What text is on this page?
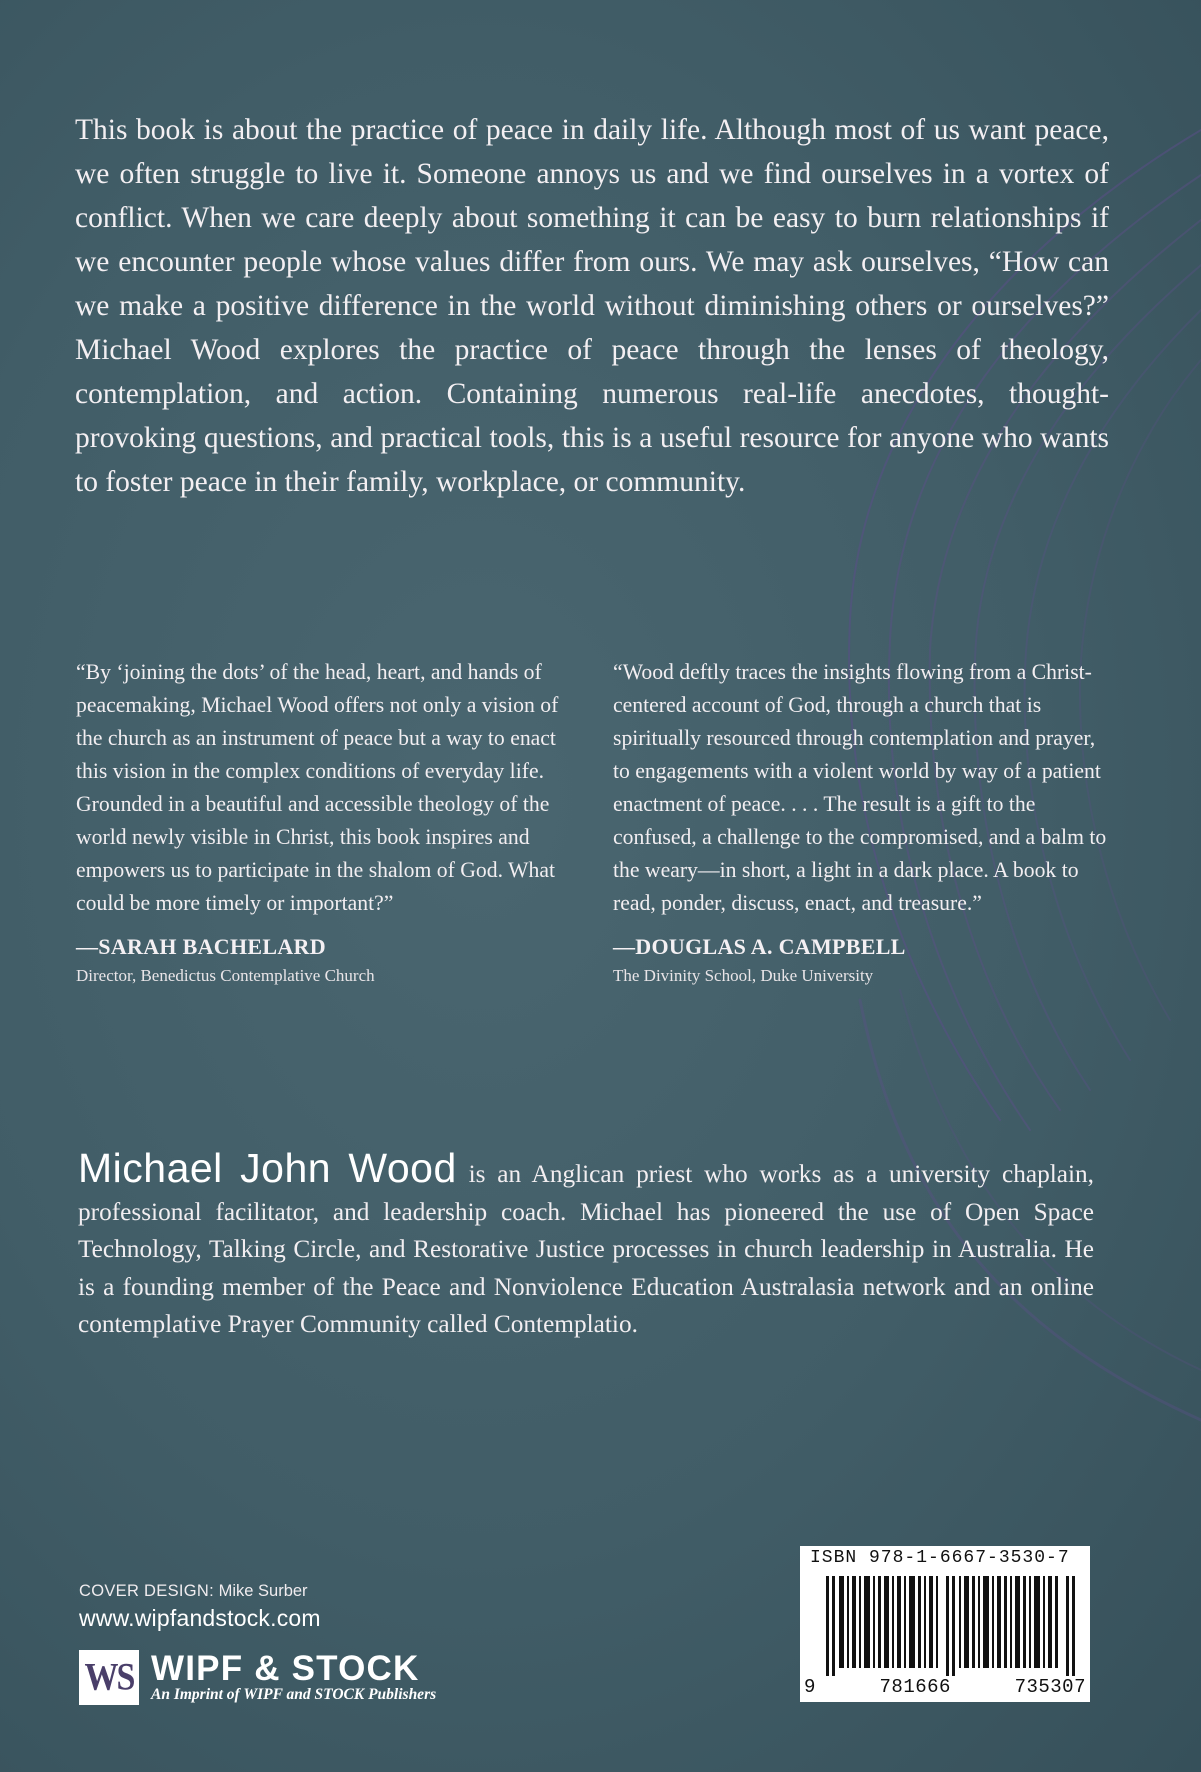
This book is about the practice of peace in daily life. Although most of us want peace, we often struggle to live it. Someone annoys us and we find ourselves in a vortex of conflict. When we care deeply about something it can be easy to burn relationships if we encounter people whose values differ from ours. We may ask ourselves, “How can we make a positive difference in the world without diminishing others or ourselves?” Michael Wood explores the practice of peace through the lenses of theology, contemplation, and action. Containing numerous real-life anecdotes, thought-provoking questions, and practical tools, this is a useful resource for anyone who wants to foster peace in their family, workplace, or community.

“By ‘joining the dots’ of the head, heart, and hands of peacemaking, Michael Wood offers not only a vision of the church as an instrument of peace but a way to enact this vision in the complex conditions of everyday life. Grounded in a beautiful and accessible theology of the world newly visible in Christ, this book inspires and empowers us to participate in the shalom of God. What could be more timely or important?”

—SARAH BACHELARD

Director, Benedictus Contemplative Church

“Wood deftly traces the insights flowing from a Christ-centered account of God, through a church that is spiritually resourced through contemplation and prayer, to engagements with a violent world by way of a patient enactment of peace. . . . The result is a gift to the confused, a challenge to the compromised, and a balm to the weary—in short, a light in a dark place. A book to read, ponder, discuss, enact, and treasure.”

—DOUGLAS A. CAMPBELL

The Divinity School, Duke University

Michael John Wood is an Anglican priest who works as a university chaplain, professional facilitator, and leadership coach. Michael has pioneered the use of Open Space Technology, Talking Circle, and Restorative Justice processes in church leadership in Australia. He is a founding member of the Peace and Nonviolence Education Australasia network and an online contemplative Prayer Community called Contemplatio.

COVER DESIGN: Mike Surber
www.wipfandstock.com
WS WIPF & STOCK
An Imprint of WIPF and STOCK Publishers
ISBN 978-1-6667-3530-7
9	781666	735307
